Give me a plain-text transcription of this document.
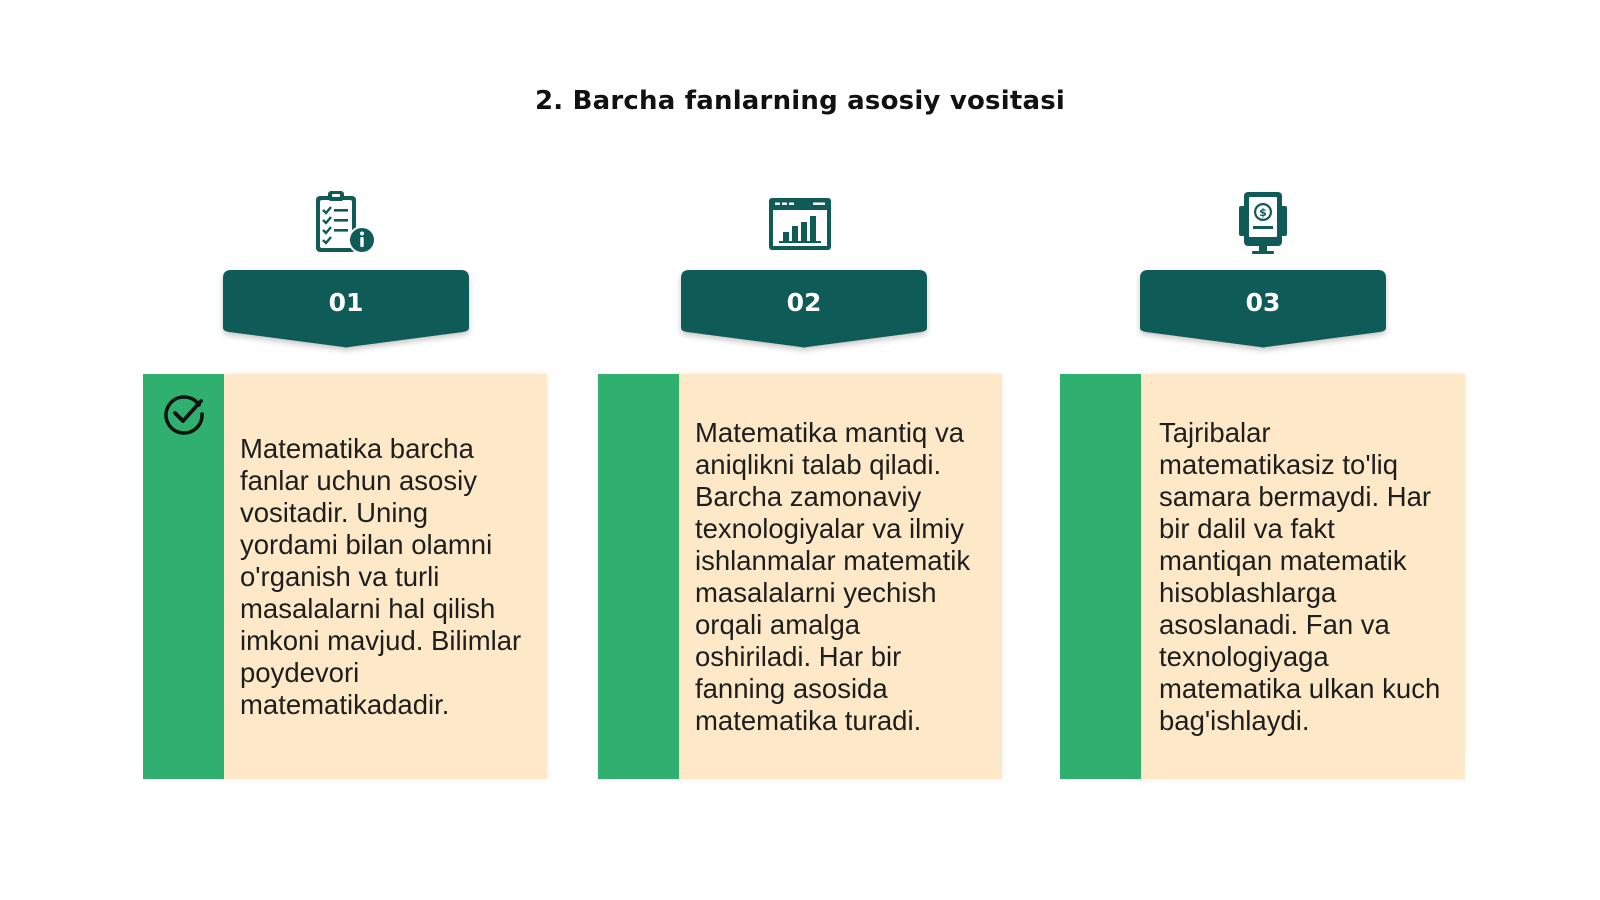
2. Barcha fanlarning asosiy vositasi
$
01	02	03

Matematika barcha fanlar uchun asosiy vositadir. Uning yordami bilan olamni o'rganish va turli masalalarni hal qilish imkoni mavjud. Bilimlar poydevori matematikadadir.

Matematika mantiq va aniqlikni talab qiladi. Barcha zamonaviy texnologiyalar va ilmiy ishlanmalar matematik masalalarni yechish orqali amalga oshiriladi. Har bir fanning asosida matematika turadi.

Tajribalar matematikasiz to'liq samara bermaydi. Har bir dalil va fakt mantiqan matematik hisoblashlarga asoslanadi. Fan va texnologiyaga matematika ulkan kuch bag'ishlaydi.
